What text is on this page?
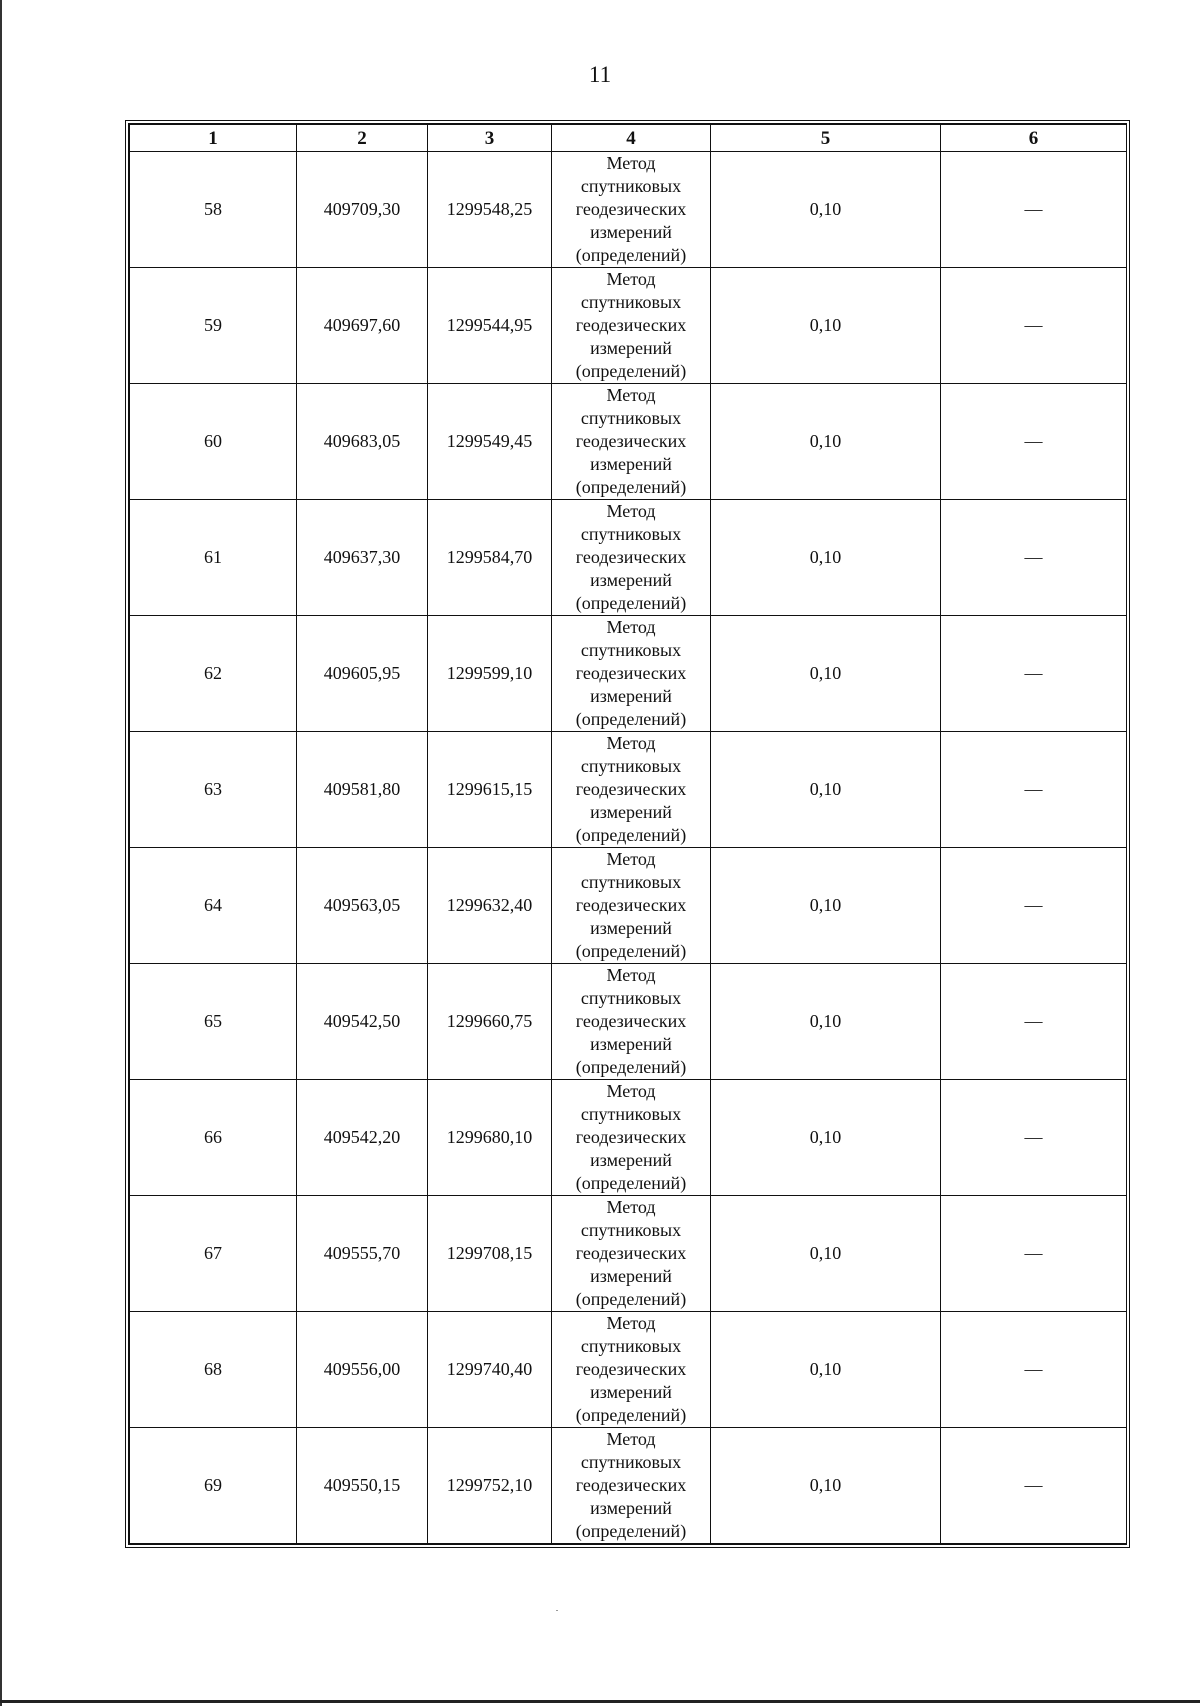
11
1	2	3	4	5	6
58	409709,30	1299548,25	Метод
спутниковых
геодезических
измерений
(определений)	0,10	—
59	409697,60	1299544,95	Метод
спутниковых
геодезических
измерений
(определений)	0,10	—
60	409683,05	1299549,45	Метод
спутниковых
геодезических
измерений
(определений)	0,10	—
61	409637,30	1299584,70	Метод
спутниковых
геодезических
измерений
(определений)	0,10	—
62	409605,95	1299599,10	Метод
спутниковых
геодезических
измерений
(определений)	0,10	—
63	409581,80	1299615,15	Метод
спутниковых
геодезических
измерений
(определений)	0,10	—
64	409563,05	1299632,40	Метод
спутниковых
геодезических
измерений
(определений)	0,10	—
65	409542,50	1299660,75	Метод
спутниковых
геодезических
измерений
(определений)	0,10	—
66	409542,20	1299680,10	Метод
спутниковых
геодезических
измерений
(определений)	0,10	—
67	409555,70	1299708,15	Метод
спутниковых
геодезических
измерений
(определений)	0,10	—
68	409556,00	1299740,40	Метод
спутниковых
геодезических
измерений
(определений)	0,10	—
69	409550,15	1299752,10	Метод
спутниковых
геодезических
измерений
(определений)	0,10	—
